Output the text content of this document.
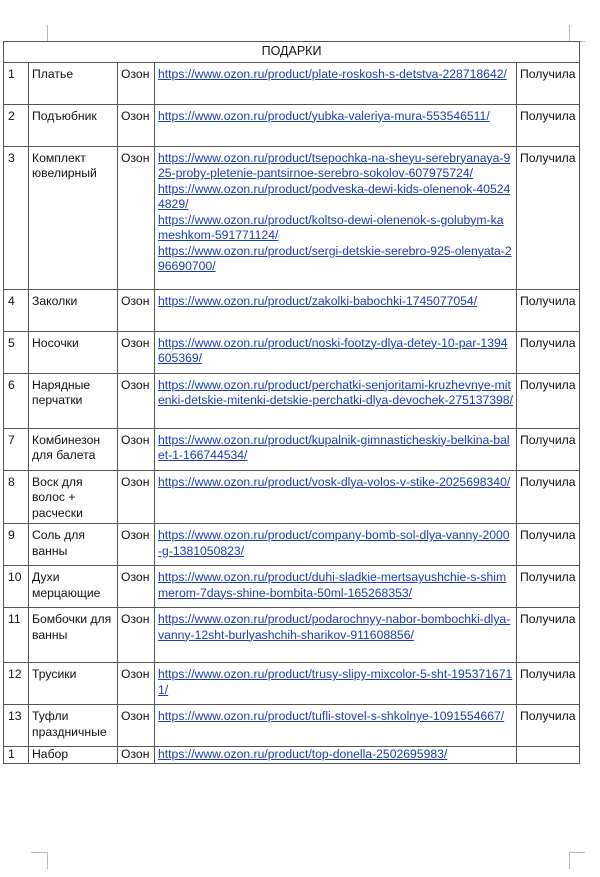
ПОДАРКИ				
1	Платье	Озон	https://www.ozon.ru/product/plate-roskosh-s-detstva-228718642/	Получила
2	Подъюбник	Озон	https://www.ozon.ru/product/yubka-valeriya-mura-553546511/	Получила
3	Комплект ювелирный	Озон	https://www.ozon.ru/product/tsepochka-na-sheyu-serebryanaya-925-proby-pletenie-pantsirnoe-serebro-sokolov-607975724/
https://www.ozon.ru/product/podveska-dewi-kids-olenenok-405244829/
https://www.ozon.ru/product/koltso-dewi-olenenok-s-golubym-kameshkom-591771124/
https://www.ozon.ru/product/sergi-detskie-serebro-925-olenyata-296690700/	Получила
4	Заколки	Озон	https://www.ozon.ru/product/zakolki-babochki-1745077054/	Получила
5	Носочки	Озон	https://www.ozon.ru/product/noski-footzy-dlya-detey-10-par-1394605369/	Получила
6	Нарядные перчатки	Озон	https://www.ozon.ru/product/perchatki-senjoritami-kruzhevnye-mitenki-detskie-mitenki-detskie-perchatki-dlya-devochek-275137398/	Получила
7	Комбинезон для балета	Озон	https://www.ozon.ru/product/kupalnik-gimnasticheskiy-belkina-balet-1-166744534/	Получила
8	Воск для волос + расчески	Озон	https://www.ozon.ru/product/vosk-dlya-volos-v-stike-2025698340/	Получила
9	Соль для ванны	Озон	https://www.ozon.ru/product/company-bomb-sol-dlya-vanny-2000-g-1381050823/	Получила
10	Духи мерцающие	Озон	https://www.ozon.ru/product/duhi-sladkie-mertsayushchie-s-shimmerom-7days-shine-bombita-50ml-165268353/	Получила
11	Бомбочки для ванны	Озон	https://www.ozon.ru/product/podarochnyy-nabor-bombochki-dlya-vanny-12sht-burlyashchih-sharikov-911608856/	Получила
12	Трусики	Озон	https://www.ozon.ru/product/trusy-slipy-mixcolor-5-sht-1953716711/	Получила
13	Туфли праздничные	Озон	https://www.ozon.ru/product/tufli-stovel-s-shkolnye-1091554667/	Получила
1	Набор	Озон	https://www.ozon.ru/product/top-donella-2502695983/	
